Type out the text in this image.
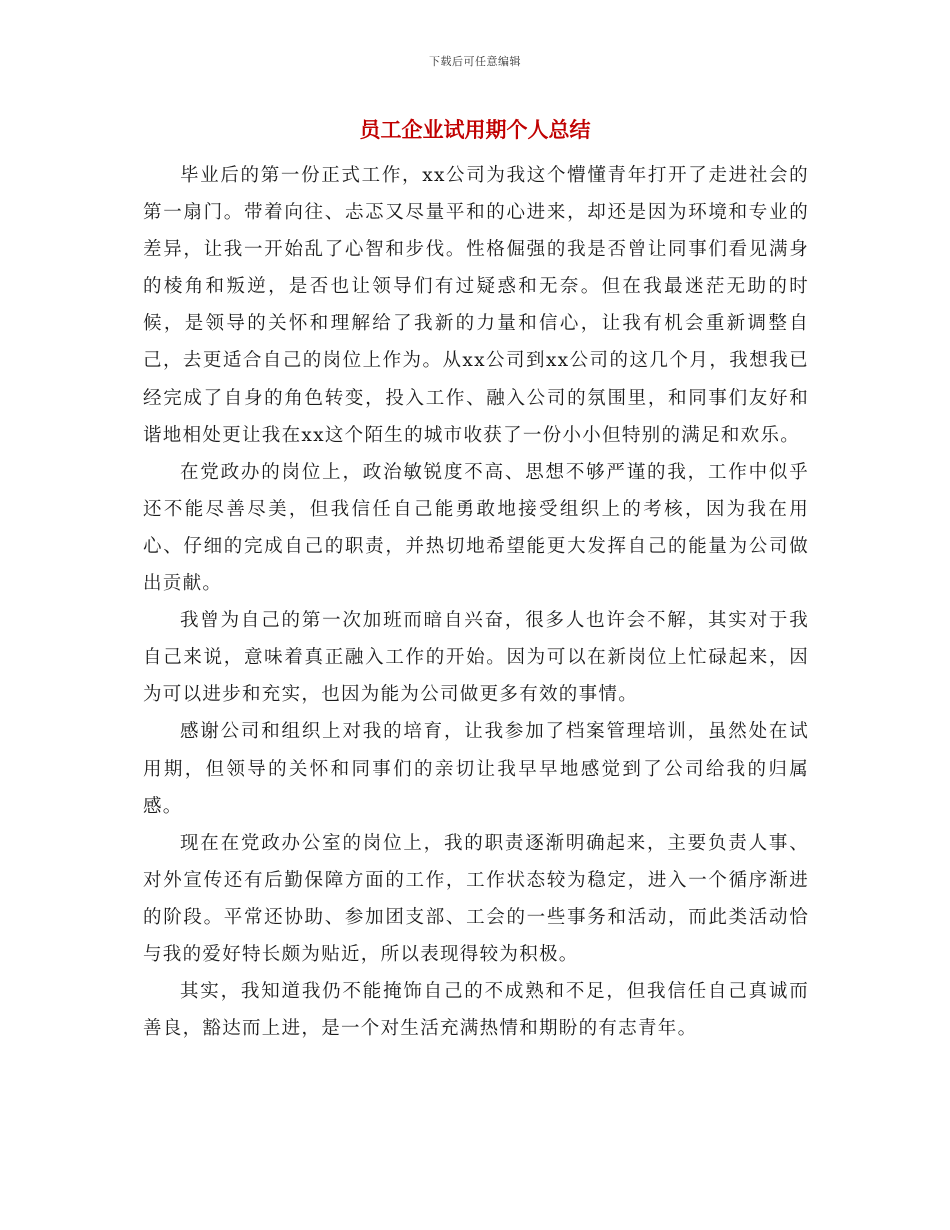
下载后可任意编辑
员工企业试用期个人总结

毕业后的第一份正式工作，xx公司为我这个懵懂青年打开了走进社会的第一扇门。带着向往、忐忑又尽量平和的心进来，却还是因为环境和专业的差异，让我一开始乱了心智和步伐。性格倔强的我是否曾让同事们看见满身的棱角和叛逆，是否也让领导们有过疑惑和无奈。但在我最迷茫无助的时候，是领导的关怀和理解给了我新的力量和信心，让我有机会重新调整自己，去更适合自己的岗位上作为。从xx公司到xx公司的这几个月，我想我已经完成了自身的角色转变，投入工作、融入公司的氛围里，和同事们友好和谐地相处更让我在xx这个陌生的城市收获了一份小小但特别的满足和欢乐。

在党政办的岗位上，政治敏锐度不高、思想不够严谨的我，工作中似乎还不能尽善尽美，但我信任自己能勇敢地接受组织上的考核，因为我在用心、仔细的完成自己的职责，并热切地希望能更大发挥自己的能量为公司做出贡献。

我曾为自己的第一次加班而暗自兴奋，很多人也许会不解，其实对于我自己来说，意味着真正融入工作的开始。因为可以在新岗位上忙碌起来，因为可以进步和充实，也因为能为公司做更多有效的事情。

感谢公司和组织上对我的培育，让我参加了档案管理培训，虽然处在试用期，但领导的关怀和同事们的亲切让我早早地感觉到了公司给我的归属感。

现在在党政办公室的岗位上，我的职责逐渐明确起来，主要负责人事、对外宣传还有后勤保障方面的工作，工作状态较为稳定，进入一个循序渐进的阶段。平常还协助、参加团支部、工会的一些事务和活动，而此类活动恰与我的爱好特长颇为贴近，所以表现得较为积极。

其实，我知道我仍不能掩饰自己的不成熟和不足，但我信任自己真诚而善良，豁达而上进，是一个对生活充满热情和期盼的有志青年。
